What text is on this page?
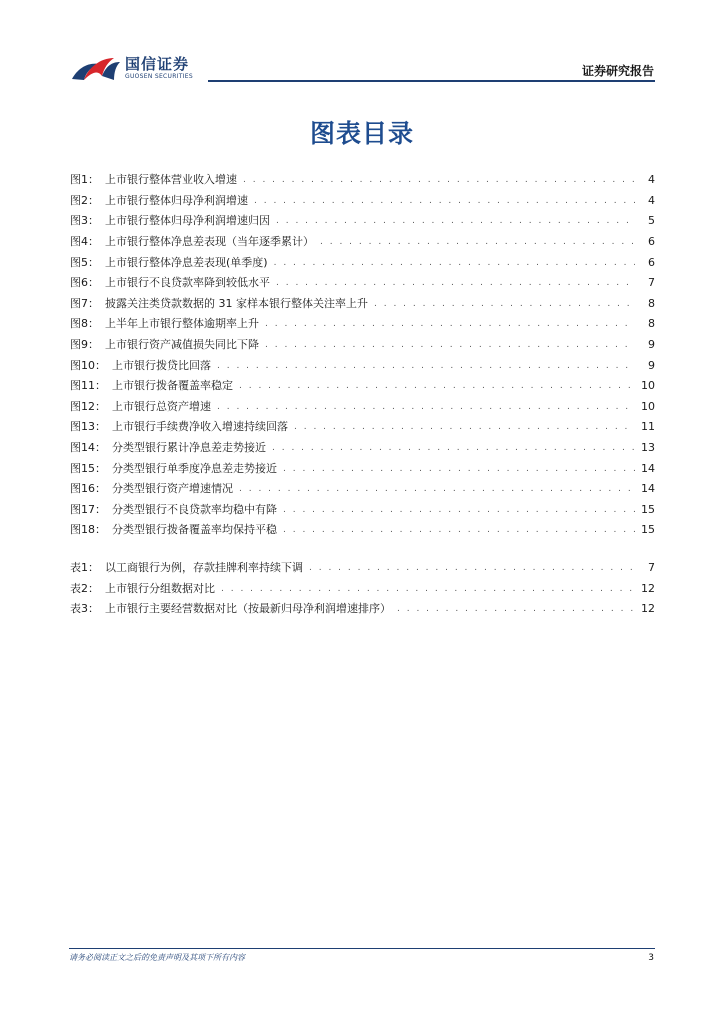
国信证券
GUOSEN SECURITIES	证券研究报告
图表目录
图1： 上市银行整体营业收入增速 . . .	4
图2： 上市银行整体归母净利润增速 . . .	4
图3： 上市银行整体归母净利润增速归因 . . .	5
图4： 上市银行整体净息差表现（当年逐季累计） . . .	6
图5： 上市银行整体净息差表现(单季度) . . .	6
图6： 上市银行不良贷款率降到较低水平 . . .	7
图7： 披露关注类贷款数据的 31 家样本银行整体关注率上升 . . .	8
图8： 上半年上市银行整体逾期率上升 . . .	8
图9： 上市银行资产减值损失同比下降 . . .	9
图10： 上市银行拨贷比回落 . . .	9
图11： 上市银行拨备覆盖率稳定 . . .	10
图12： 上市银行总资产增速 . . .	10
图13： 上市银行手续费净收入增速持续回落 . . .	11
图14： 分类型银行累计净息差走势接近 . . .	13
图15： 分类型银行单季度净息差走势接近 . . .	14
图16： 分类型银行资产增速情况 . . .	14
图17： 分类型银行不良贷款率均稳中有降 . . .	15
图18： 分类型银行拨备覆盖率均保持平稳 . . .	15
表1： 以工商银行为例，存款挂牌利率持续下调 . . .	7
表2： 上市银行分组数据对比 . . .	12
表3： 上市银行主要经营数据对比（按最新归母净利润增速排序） . . .	12
请务必阅读正文之后的免责声明及其项下所有内容	3
